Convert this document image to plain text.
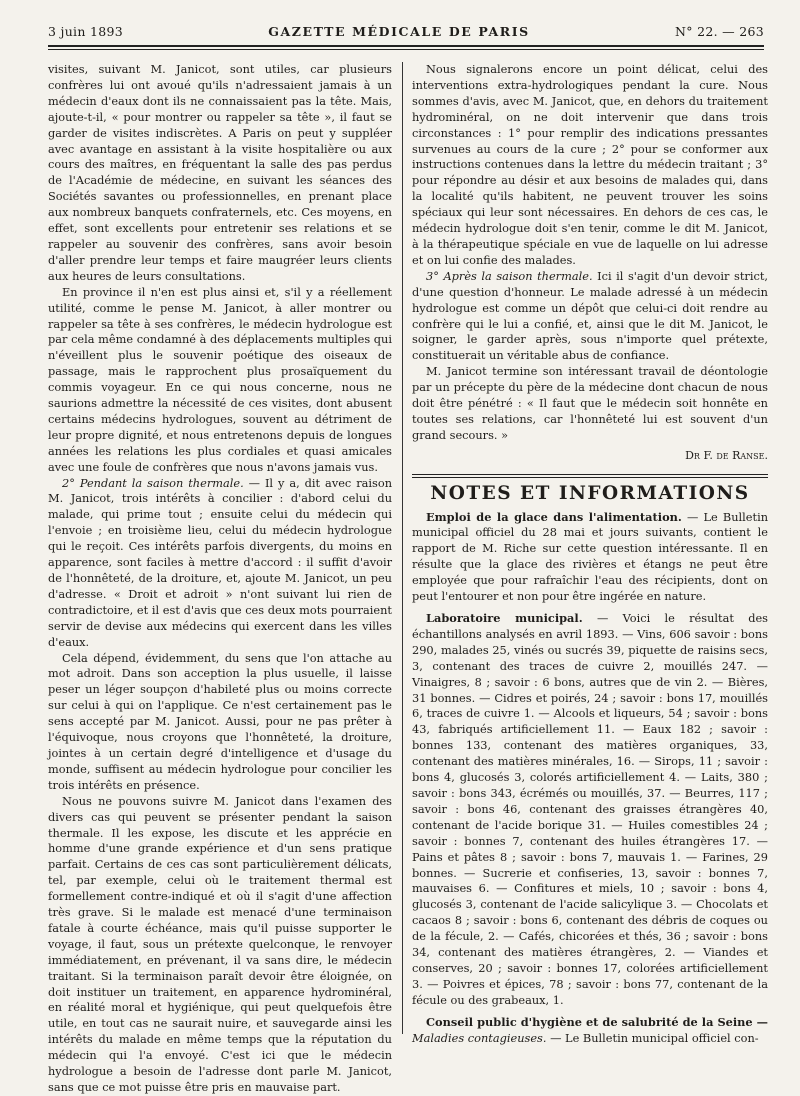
3 juin 1893	GAZETTE MÉDICALE DE PARIS	N° 22. — 263

visites, suivant M. Janicot, sont utiles, car plusieurs confrères lui ont avoué qu'ils n'adressaient jamais à un médecin d'eaux dont ils ne connaissaient pas la tête. Mais, ajoute-t-il, « pour montrer ou rappeler sa tête », il faut se garder de visites indiscrètes. A Paris on peut y suppléer avec avantage en assistant à la visite hospitalière ou aux cours des maîtres, en fréquentant la salle des pas perdus de l'Académie de médecine, en suivant les séances des Sociétés savantes ou professionnelles, en prenant place aux nombreux banquets confraternels, etc. Ces moyens, en effet, sont excellents pour entretenir ses relations et se rappeler au souvenir des confrères, sans avoir besoin d'aller prendre leur temps et faire maugréer leurs clients aux heures de leurs consultations.

En province il n'en est plus ainsi et, s'il y a réellement utilité, comme le pense M. Janicot, à aller montrer ou rappeler sa tête à ses confrères, le médecin hydrologue est par cela même condamné à des déplacements multiples qui n'éveillent plus le souvenir poétique des oiseaux de passage, mais le rapprochent plus prosaïquement du commis voyageur. En ce qui nous concerne, nous ne saurions admettre la nécessité de ces visites, dont abusent certains médecins hydrologues, souvent au détriment de leur propre dignité, et nous entretenons depuis de longues années les relations les plus cordiales et quasi amicales avec une foule de confrères que nous n'avons jamais vus.

2° Pendant la saison thermale. — Il y a, dit avec raison M. Janicot, trois intérêts à concilier : d'abord celui du malade, qui prime tout ; ensuite celui du médecin qui l'envoie ; en troisième lieu, celui du médecin hydrologue qui le reçoit. Ces intérêts parfois divergents, du moins en apparence, sont faciles à mettre d'accord : il suffit d'avoir de l'honnêteté, de la droiture, et, ajoute M. Janicot, un peu d'adresse. « Droit et adroit » n'ont suivant lui rien de contradictoire, et il est d'avis que ces deux mots pourraient servir de devise aux médecins qui exercent dans les villes d'eaux.

Cela dépend, évidemment, du sens que l'on attache au mot adroit. Dans son acception la plus usuelle, il laisse peser un léger soupçon d'habileté plus ou moins correcte sur celui à qui on l'applique. Ce n'est certainement pas le sens accepté par M. Janicot. Aussi, pour ne pas prêter à l'équivoque, nous croyons que l'honnêteté, la droiture, jointes à un certain degré d'intelligence et d'usage du monde, suffisent au médecin hydrologue pour concilier les trois intérêts en présence.

Nous ne pouvons suivre M. Janicot dans l'examen des divers cas qui peuvent se présenter pendant la saison thermale. Il les expose, les discute et les apprécie en homme d'une grande expérience et d'un sens pratique parfait. Certains de ces cas sont particulièrement délicats, tel, par exemple, celui où le traitement thermal est formellement contre-indiqué et où il s'agit d'une affection très grave. Si le malade est menacé d'une terminaison fatale à courte échéance, mais qu'il puisse supporter le voyage, il faut, sous un prétexte quelconque, le renvoyer immédiatement, en prévenant, il va sans dire, le médecin traitant. Si la terminaison paraît devoir être éloignée, on doit instituer un traitement, en apparence hydrominéral, en réalité moral et hygiénique, qui peut quelquefois être utile, en tout cas ne saurait nuire, et sauvegarde ainsi les intérêts du malade en même temps que la réputation du médecin qui l'a envoyé. C'est ici que le médecin hydrologue a besoin de l'adresse dont parle M. Janicot, sans que ce mot puisse être pris en mauvaise part.

Nous signalerons encore un point délicat, celui des interventions extra-hydrologiques pendant la cure. Nous sommes d'avis, avec M. Janicot, que, en dehors du traitement hydrominéral, on ne doit intervenir que dans trois circonstances : 1° pour remplir des indications pressantes survenues au cours de la cure ; 2° pour se conformer aux instructions contenues dans la lettre du médecin traitant ; 3° pour répondre au désir et aux besoins de malades qui, dans la localité qu'ils habitent, ne peuvent trouver les soins spéciaux qui leur sont nécessaires. En dehors de ces cas, le médecin hydrologue doit s'en tenir, comme le dit M. Janicot, à la thérapeutique spéciale en vue de laquelle on lui adresse et on lui confie des malades.

3° Après la saison thermale. Ici il s'agit d'un devoir strict, d'une question d'honneur. Le malade adressé à un médecin hydrologue est comme un dépôt que celui-ci doit rendre au confrère qui le lui a confié, et, ainsi que le dit M. Janicot, le soigner, le garder après, sous n'importe quel prétexte, constituerait un véritable abus de confiance.

M. Janicot termine son intéressant travail de déontologie par un précepte du père de la médecine dont chacun de nous doit être pénétré : « Il faut que le médecin soit honnête en toutes ses relations, car l'honnêteté lui est souvent d'un grand secours. »

Dr F. de Ranse.
NOTES ET INFORMATIONS

Emploi de la glace dans l'alimentation. — Le Bulletin municipal officiel du 28 mai et jours suivants, contient le rapport de M. Riche sur cette question intéressante. Il en résulte que la glace des rivières et étangs ne peut être employée que pour rafraîchir l'eau des récipients, dont on peut l'entourer et non pour être ingérée en nature.

Laboratoire municipal. — Voici le résultat des échantillons analysés en avril 1893. — Vins, 606 savoir : bons 290, malades 25, vinés ou sucrés 39, piquette de raisins secs, 3, contenant des traces de cuivre 2, mouillés 247. — Vinaigres, 8 ; savoir : 6 bons, autres que de vin 2. — Bières, 31 bonnes. — Cidres et poirés, 24 ; savoir : bons 17, mouillés 6, traces de cuivre 1. — Alcools et liqueurs, 54 ; savoir : bons 43, fabriqués artificiellement 11. — Eaux 182 ; savoir : bonnes 133, contenant des matières organiques, 33, contenant des matières minérales, 16. — Sirops, 11 ; savoir : bons 4, glucosés 3, colorés artificiellement 4. — Laits, 380 ; savoir : bons 343, écrémés ou mouillés, 37. — Beurres, 117 ; savoir : bons 46, contenant des graisses étrangères 40, contenant de l'acide borique 31. — Huiles comestibles 24 ; savoir : bonnes 7, contenant des huiles étrangères 17. — Pains et pâtes 8 ; savoir : bons 7, mauvais 1. — Farines, 29 bonnes. — Sucrerie et confiseries, 13, savoir : bonnes 7, mauvaises 6. — Confitures et miels, 10 ; savoir : bons 4, glucosés 3, contenant de l'acide salicylique 3. — Chocolats et cacaos 8 ; savoir : bons 6, contenant des débris de coques ou de la fécule, 2. — Cafés, chicorées et thés, 36 ; savoir : bons 34, contenant des matières étrangères, 2. — Viandes et conserves, 20 ; savoir : bonnes 17, colorées artificiellement 3. — Poivres et épices, 78 ; savoir : bons 77, contenant de la fécule ou des grabeaux, 1.

Conseil public d'hygiène et de salubrité de la Seine — Maladies contagieuses. — Le Bulletin municipal officiel con-
